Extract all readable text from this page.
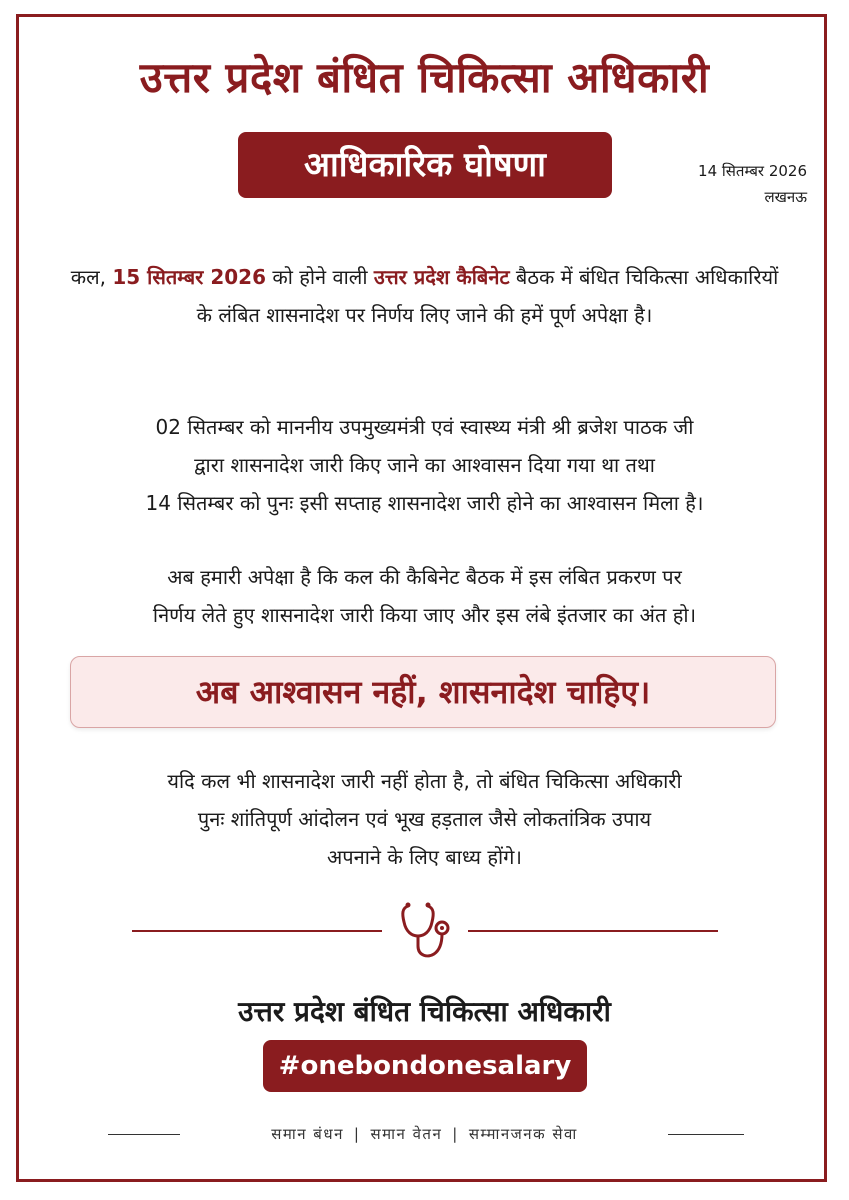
उत्तर प्रदेश बंधित चिकित्सा अधिकारी
आधिकारिक घोषणा	14 सितम्बर 2026
लखनऊ
कल, 15 सितम्बर 2026 को होने वाली उत्तर प्रदेश कैबिनेट बैठक में बंधित चिकित्सा अधिकारियों के लंबित शासनादेश पर निर्णय लिए जाने की हमें पूर्ण अपेक्षा है।
02 सितम्बर को माननीय उपमुख्यमंत्री एवं स्वास्थ्य मंत्री श्री ब्रजेश पाठक जी
द्वारा शासनादेश जारी किए जाने का आश्वासन दिया गया था तथा
14 सितम्बर को पुनः इसी सप्ताह शासनादेश जारी होने का आश्वासन मिला है।
अब हमारी अपेक्षा है कि कल की कैबिनेट बैठक में इस लंबित प्रकरण पर
निर्णय लेते हुए शासनादेश जारी किया जाए और इस लंबे इंतजार का अंत हो।
अब आश्वासन नहीं, शासनादेश चाहिए।
यदि कल भी शासनादेश जारी नहीं होता है, तो बंधित चिकित्सा अधिकारी
पुनः शांतिपूर्ण आंदोलन एवं भूख हड़ताल जैसे लोकतांत्रिक उपाय
अपनाने के लिए बाध्य होंगे।
उत्तर प्रदेश बंधित चिकित्सा अधिकारी
#onebondonesalary
समान बंधन | समान वेतन | सम्मानजनक सेवा
